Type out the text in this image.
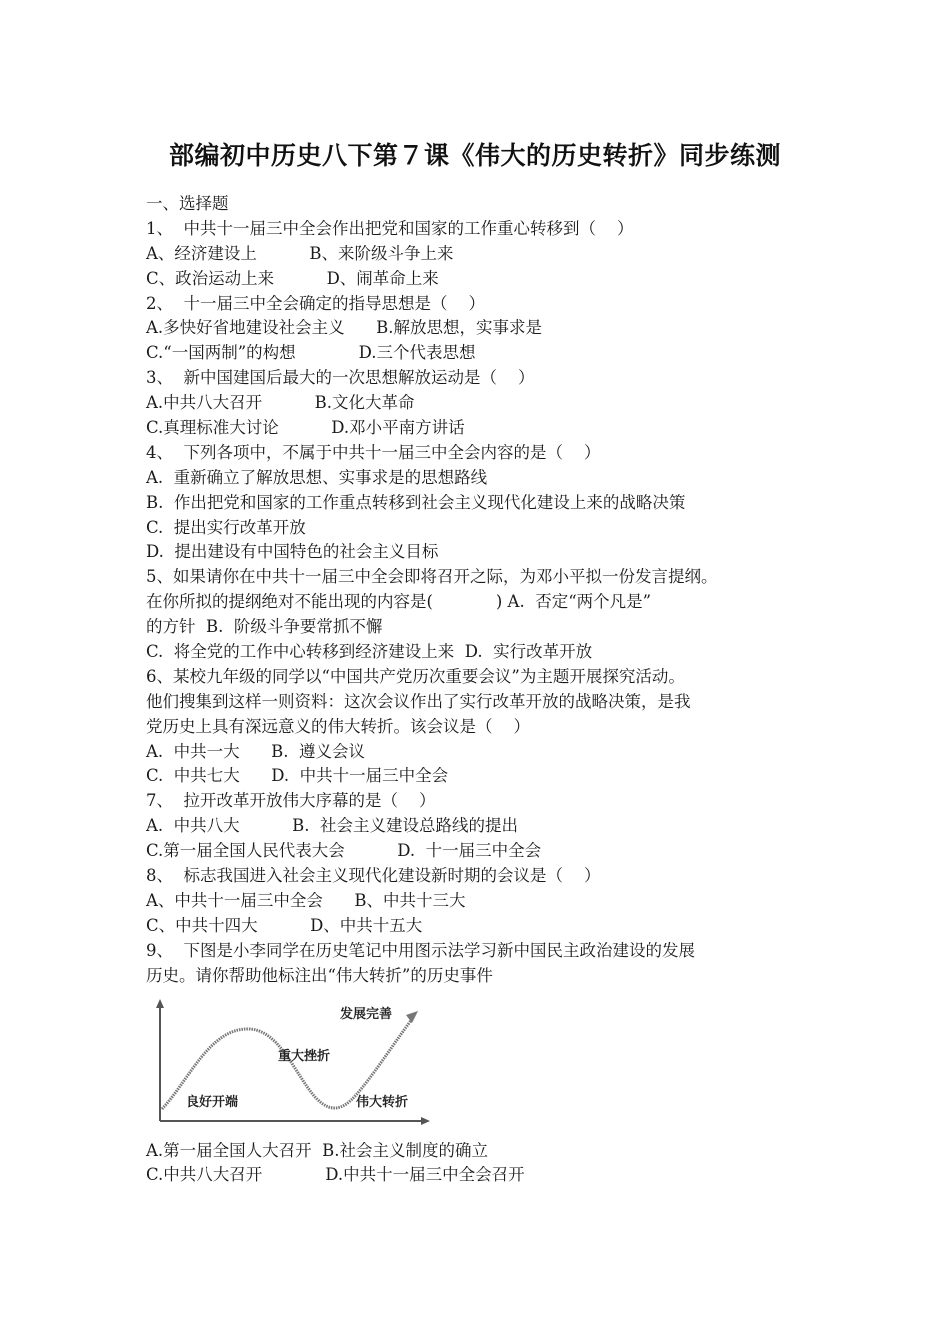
部编初中历史八下第７课《伟大的历史转折》同步练测
一、选择题
1、  中共十一届三中全会作出把党和国家的工作重心转移到（    ）
A、经济建设上          B、来阶级斗争上来
C、政治运动上来          D、闹革命上来
2、  十一届三中全会确定的指导思想是（    ）
A.多快好省地建设社会主义      B.解放思想，实事求是
C.“一国两制”的构想            D.三个代表思想
3、  新中国建国后最大的一次思想解放运动是（    ）
A.中共八大召开          B.文化大革命
C.真理标准大讨论          D.邓小平南方讲话
4、  下列各项中，不属于中共十一届三中全会内容的是（    ）
A.  重新确立了解放思想、实事求是的思想路线
B.  作出把党和国家的工作重点转移到社会主义现代化建设上来的战略决策
C.  提出实行改革开放
D.  提出建设有中国特色的社会主义目标
5、如果请你在中共十一届三中全会即将召开之际，为邓小平拟一份发言提纲。
在你所拟的提纲绝对不能出现的内容是(            ) A.  否定“两个凡是”
的方针  B.  阶级斗争要常抓不懈
C.  将全党的工作中心转移到经济建设上来  D.  实行改革开放
6、某校九年级的同学以“中国共产党历次重要会议”为主题开展探究活动。
他们搜集到这样一则资料：这次会议作出了实行改革开放的战略决策，是我
党历史上具有深远意义的伟大转折。该会议是（    ）
A.  中共一大      B.  遵义会议
C.  中共七大      D.  中共十一届三中全会
7、  拉开改革开放伟大序幕的是（    ）
A.  中共八大          B.  社会主义建设总路线的提出
C.第一届全国人民代表大会          D.  十一届三中全会
8、  标志我国进入社会主义现代化建设新时期的会议是（    ）
A、中共十一届三中全会      B、中共十三大
C、中共十四大          D、中共十五大
9、  下图是小李同学在历史笔记中用图示法学习新中国民主政治建设的发展
历史。请你帮助他标注出“伟大转折”的历史事件
发展完善
重大挫折
良好开端	伟大转折
A.第一届全国人大召开  B.社会主义制度的确立
C.中共八大召开            D.中共十一届三中全会召开
